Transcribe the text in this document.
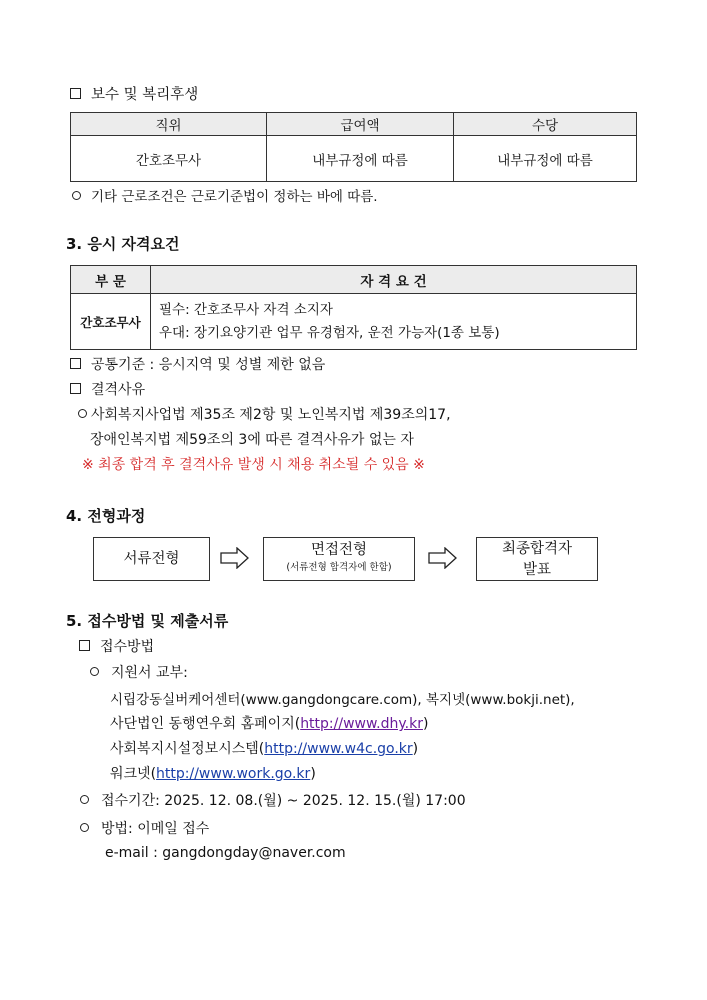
보수 및 복리후생
직위	급여액	수당
간호조무사	내부규정에 따름	내부규정에 따름
기타 근로조건은 근로기준법이 정하는 바에 따름.
3. 응시 자격요건
부 문	자 격 요 건
간호조무사	필수: 간호조무사 자격 소지자
우대: 장기요양기관 업무 유경험자, 운전 가능자(1종 보통)
공통기준 : 응시지역 및 성별 제한 없음
결격사유
사회복지사업법 제35조 제2항 및 노인복지법 제39조의17,
장애인복지법 제59조의 3에 따른 결격사유가 없는 자
※ 최종 합격 후 결격사유 발생 시 채용 취소될 수 있음 ※
4. 전형과정
서류전형
면접전형
(서류전형 합격자에 한함)
최종합격자
발표
5. 접수방법 및 제출서류
접수방법
지원서 교부:
시립강동실버케어센터(www.gangdongcare.com), 복지넷(www.bokji.net),
사단법인 동행연우회 홈페이지(http://www.dhy.kr)
사회복지시설정보시스템(http://www.w4c.go.kr)
워크넷(http://www.work.go.kr)
접수기간: 2025. 12. 08.(월) ~ 2025. 12. 15.(월) 17:00
방법: 이메일 접수
e-mail : gangdongday@naver.com
